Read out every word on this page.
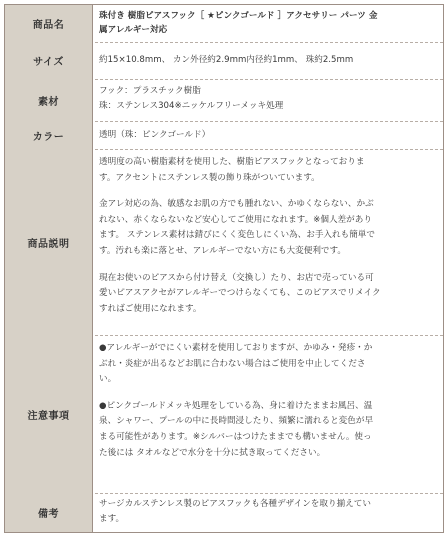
商品名
珠付き 樹脂ピアスフック［ ★ピンクゴールド ］アクセサリー パーツ 金
属アレルギー対応
サイズ	約15×10.8mm、 カン外径約2.9mm内径約1mm、 珠約2.5mm
素材
フック：プラスチック樹脂
珠：ステンレス304※ニッケルフリーメッキ処理
カラー	透明（珠：ピンクゴールド）
商品説明

透明度の高い樹脂素材を使用した、樹脂ピアスフックとなっておりま
す。アクセントにステンレス製の飾り珠がついています。

金アレ対応の為、敏感なお肌の方でも腫れない、かゆくならない、かぶ
れない、赤くならないなど安心してご使用になれます。※個人差があり
ます。 ステンレス素材は錆びにくく変色しにくい為、お手入れも簡単で
す。汚れも楽に落とせ、アレルギーでない方にも大変便利です。

現在お使いのピアスから付け替え（交換し）たり、お店で売っている可
愛いピアスアクセがアレルギーでつけらなくても、このピアスでリメイク
すればご使用になれます。

注意事項

●アレルギーがでにくい素材を使用しておりますが、かゆみ・発疹・か
ぶれ・炎症が出るなどお肌に合わない場合はご使用を中止してくださ
い。

●ピンクゴールドメッキ処理をしている為、身に着けたままお風呂、温
泉、シャワー、プールの中に長時間浸したり、頻繁に濡れると変色が早
まる可能性があります。※シルバーはつけたままでも構いません。使っ
た後には タオルなどで水分を十分に拭き取ってください。

備考
サージカルステンレス製のピアスフックも各種デザインを取り揃えてい
ます。
